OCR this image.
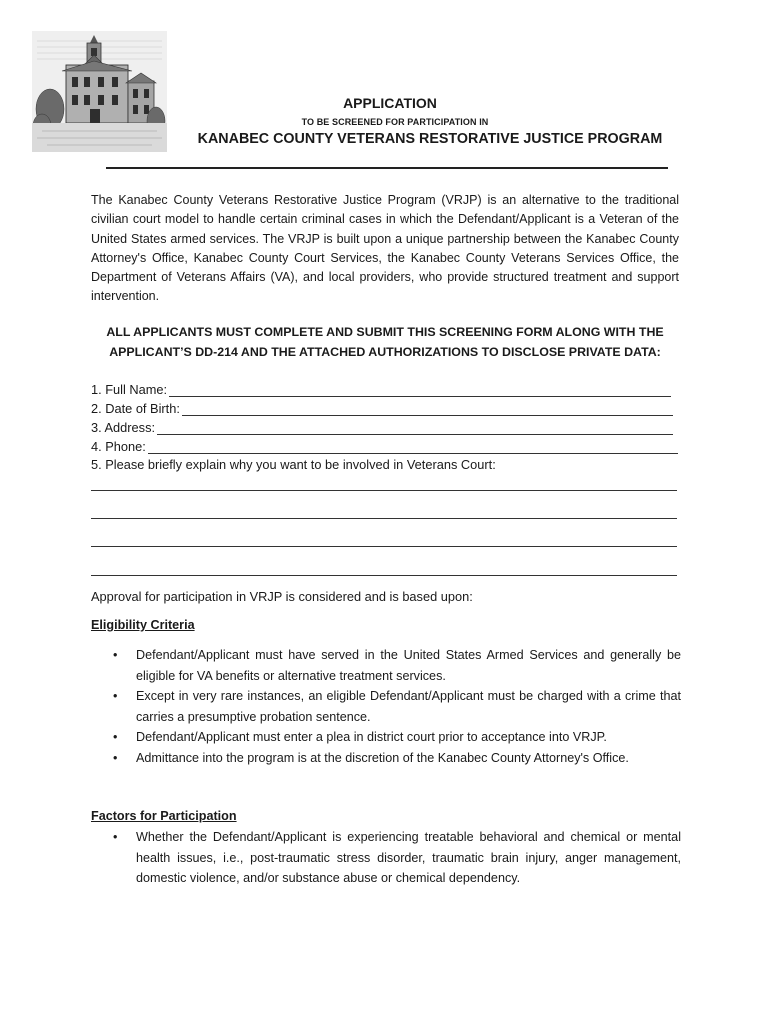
APPLICATION
TO BE SCREENED FOR PARTICIPATION IN
KANABEC COUNTY VETERANS RESTORATIVE JUSTICE PROGRAM
The Kanabec County Veterans Restorative Justice Program (VRJP) is an alternative to the traditional civilian court model to handle certain criminal cases in which the Defendant/Applicant is a Veteran of the United States armed services. The VRJP is built upon a unique partnership between the Kanabec County Attorney's Office, Kanabec County Court Services, the Kanabec County Veterans Services Office, the Department of Veterans Affairs (VA), and local providers, who provide structured treatment and support intervention.
ALL APPLICANTS MUST COMPLETE AND SUBMIT THIS SCREENING FORM ALONG WITH THE APPLICANT’S DD-214 AND THE ATTACHED AUTHORIZATIONS TO DISCLOSE PRIVATE DATA:
1. Full Name:
2. Date of Birth:
3. Address:
4. Phone:
5. Please briefly explain why you want to be involved in Veterans Court:
Approval for participation in VRJP is considered and is based upon:
Eligibility Criteria
• Defendant/Applicant must have served in the United States Armed Services and generally be eligible for VA benefits or alternative treatment services.
• Except in very rare instances, an eligible Defendant/Applicant must be charged with a crime that carries a presumptive probation sentence.
• Defendant/Applicant must enter a plea in district court prior to acceptance into VRJP.
• Admittance into the program is at the discretion of the Kanabec County Attorney's Office.
Factors for Participation
• Whether the Defendant/Applicant is experiencing treatable behavioral and chemical or mental health issues, i.e., post-traumatic stress disorder, traumatic brain injury, anger management, domestic violence, and/or substance abuse or chemical dependency.
